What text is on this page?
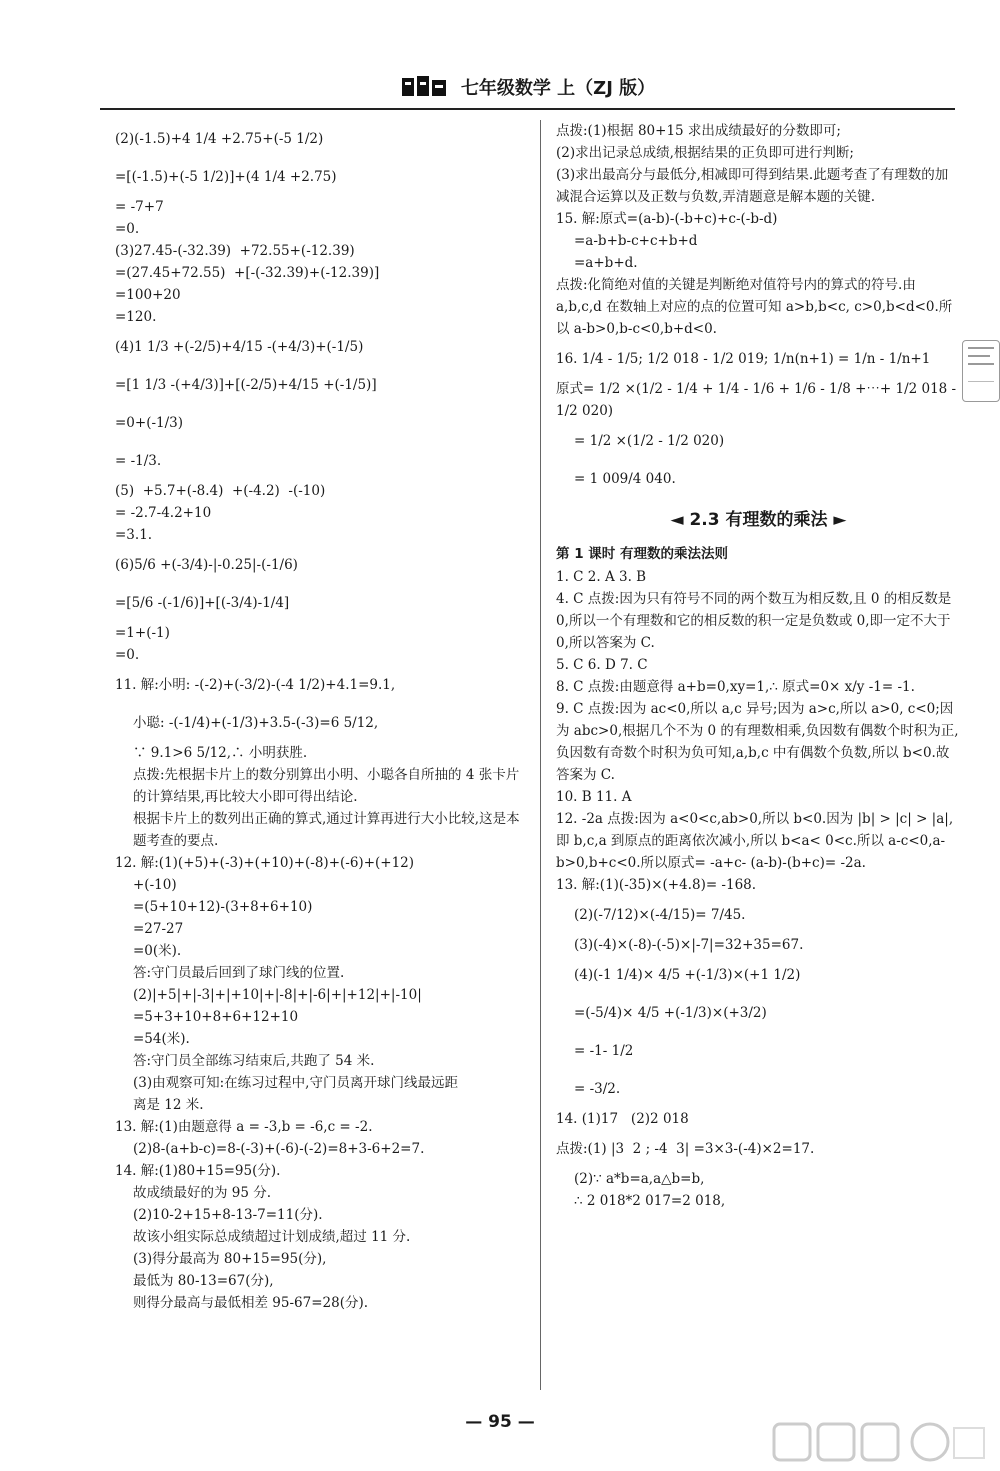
七年级数学 上（ZJ 版）
(2)(-1.5)+4 1/4 +2.75+(-5 1/2)
=[(-1.5)+(-5 1/2)]+(4 1/4 +2.75)
= -7+7
=0.
(3)27.45-(-32.39)  +72.55+(-12.39)
=(27.45+72.55)  +[-(-32.39)+(-12.39)]
=100+20
=120.
(4)1 1/3 +(-2/5)+4/15 -(+4/3)+(-1/5)
=[1 1/3 -(+4/3)]+[(-2/5)+4/15 +(-1/5)]
=0+(-1/3)
= -1/3.
(5)  +5.7+(-8.4)  +(-4.2)  -(-10)
= -2.7-4.2+10
=3.1.
(6)5/6 +(-3/4)-|-0.25|-(-1/6)
=[5/6 -(-1/6)]+[(-3/4)-1/4]
=1+(-1)
=0.
11. 解:小明: -(-2)+(-3/2)-(-4 1/2)+4.1=9.1,
小聪: -(-1/4)+(-1/3)+3.5-(-3)=6 5/12,
∵ 9.1>6 5/12,∴ 小明获胜.
点拨:先根据卡片上的数分别算出小明、小聪各自所抽的 4 张卡片的计算结果,再比较大小即可得出结论.
根据卡片上的数列出正确的算式,通过计算再进行大小比较,这是本题考查的要点.
12. 解:(1)(+5)+(-3)+(+10)+(-8)+(-6)+(+12)
+(-10)
=(5+10+12)-(3+8+6+10)
=27-27
=0(米).
答:守门员最后回到了球门线的位置.
(2)|+5|+|-3|+|+10|+|-8|+|-6|+|+12|+|-10|
=5+3+10+8+6+12+10
=54(米).
答:守门员全部练习结束后,共跑了 54 米.
(3)由观察可知:在练习过程中,守门员离开球门线最远距
离是 12 米.
13. 解:(1)由题意得 a = -3,b = -6,c = -2.
(2)8-(a+b-c)=8-(-3)+(-6)-(-2)=8+3-6+2=7.
14. 解:(1)80+15=95(分).
故成绩最好的为 95 分.
(2)10-2+15+8-13-7=11(分).
故该小组实际总成绩超过计划成绩,超过 11 分.
(3)得分最高为 80+15=95(分),
最低为 80-13=67(分),
则得分最高与最低相差 95-67=28(分).
点拨:(1)根据 80+15 求出成绩最好的分数即可;
(2)求出记录总成绩,根据结果的正负即可进行判断;
(3)求出最高分与最低分,相减即可得到结果.此题考查了有理数的加减混合运算以及正数与负数,弄清题意是解本题的关键.
15. 解:原式=(a-b)-(-b+c)+c-(-b-d)
=a-b+b-c+c+b+d
=a+b+d.
点拨:化简绝对值的关键是判断绝对值符号内的算式的符号.由 a,b,c,d 在数轴上对应的点的位置可知 a>b,b<c, c>0,b<d<0.所以 a-b>0,b-c<0,b+d<0.
16. 1/4 - 1/5; 1/2 018 - 1/2 019; 1/n(n+1) = 1/n - 1/n+1
原式= 1/2 ×(1/2 - 1/4 + 1/4 - 1/6 + 1/6 - 1/8 +⋯+ 1/2 018 - 1/2 020)
= 1/2 ×(1/2 - 1/2 020)
= 1 009/4 040.
◄ 2.3 有理数的乘法 ►
第 1 课时 有理数的乘法法则
1. C 2. A 3. B
4. C 点拨:因为只有符号不同的两个数互为相反数,且 0 的相反数是 0,所以一个有理数和它的相反数的积一定是负数或 0,即一定不大于 0,所以答案为 C.
5. C 6. D 7. C
8. C 点拨:由题意得 a+b=0,xy=1,∴ 原式=0× x/y -1= -1.
9. C 点拨:因为 ac<0,所以 a,c 异号;因为 a>c,所以 a>0, c<0;因为 abc>0,根据几个不为 0 的有理数相乘,负因数有偶数个时积为正,负因数有奇数个时积为负可知,a,b,c 中有偶数个负数,所以 b<0.故答案为 C.
10. B 11. A
12. -2a 点拨:因为 a<0<c,ab>0,所以 b<0.因为 |b| > |c| > |a|,即 b,c,a 到原点的距离依次减小,所以 b<a< 0<c.所以 a-c<0,a-b>0,b+c<0.所以原式= -a+c- (a-b)-(b+c)= -2a.
13. 解:(1)(-35)×(+4.8)= -168.
(2)(-7/12)×(-4/15)= 7/45.
(3)(-4)×(-8)-(-5)×|-7|=32+35=67.
(4)(-1 1/4)× 4/5 +(-1/3)×(+1 1/2)
=(-5/4)× 4/5 +(-1/3)×(+3/2)
= -1- 1/2
= -3/2.
14. (1)17   (2)2 018
点拨:(1) |3  2 ; -4  3| =3×3-(-4)×2=17.
(2)∵ a*b=a,a△b=b,
∴ 2 018*2 017=2 018,
— 95 —
